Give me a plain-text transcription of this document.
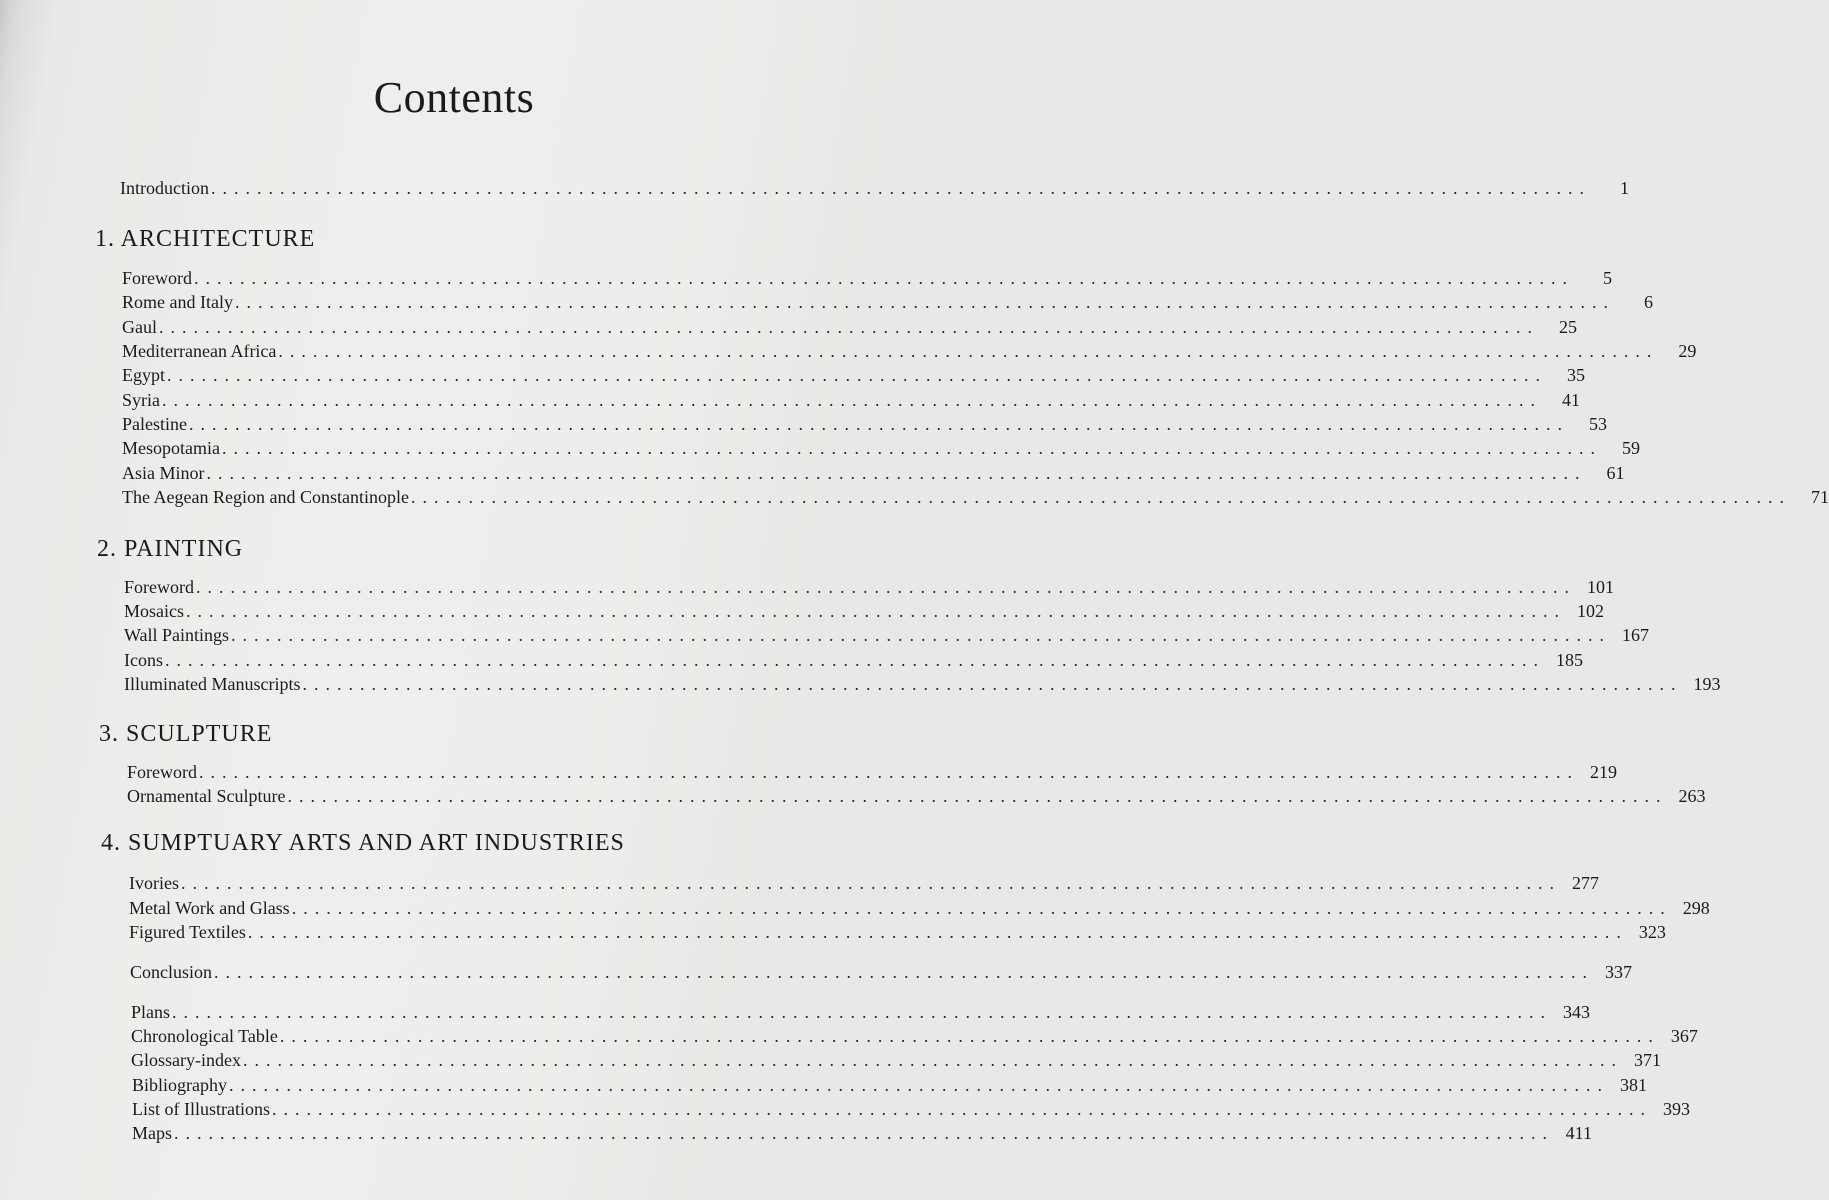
Contents
Introduction ........................................................................................................................	1
1. ARCHITECTURE
Foreword ........................................................................................................................	5
Rome and Italy ........................................................................................................................	6
Gaul ........................................................................................................................	25
Mediterranean Africa ........................................................................................................................	29
Egypt ........................................................................................................................	35
Syria ........................................................................................................................	41
Palestine ........................................................................................................................	53
Mesopotamia ........................................................................................................................	59
Asia Minor ........................................................................................................................	61
The Aegean Region and Constantinople ........................................................................................................................	71
2. PAINTING
Foreword ........................................................................................................................ 101
Mosaics ........................................................................................................................ 102
Wall Paintings ........................................................................................................................ 167
Icons ........................................................................................................................ 185
Illuminated Manuscripts ........................................................................................................................ 193
3. SCULPTURE
Foreword ........................................................................................................................ 219
Ornamental Sculpture ........................................................................................................................ 263
4. SUMPTUARY ARTS AND ART INDUSTRIES
Ivories ........................................................................................................................ 277
Metal Work and Glass ........................................................................................................................ 298
Figured Textiles ........................................................................................................................ 323
Conclusion ........................................................................................................................ 337
Plans ........................................................................................................................ 343
Chronological Table ........................................................................................................................ 367
Glossary-index ........................................................................................................................ 371
Bibliography ........................................................................................................................ 381
List of Illustrations ........................................................................................................................ 393
Maps ........................................................................................................................ 411
